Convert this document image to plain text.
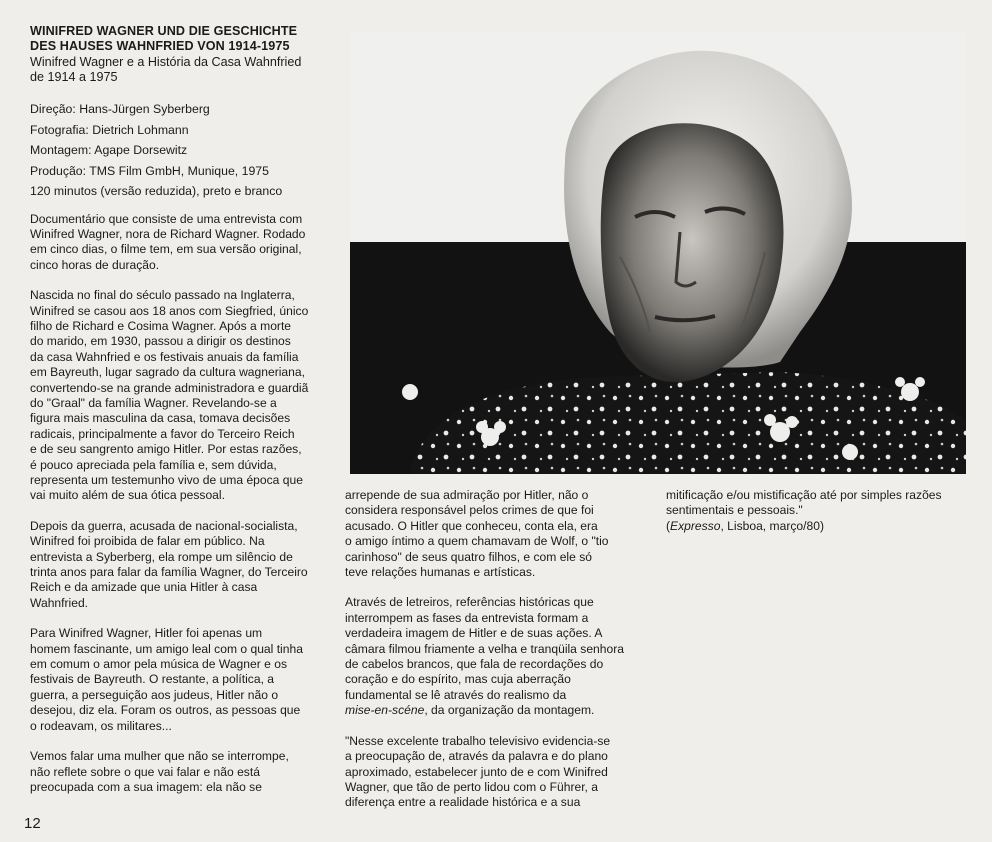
WINIFRED WAGNER UND DIE GESCHICHTE
DES HAUSES WAHNFRIED VON 1914-1975
Winifred Wagner e a História da Casa Wahnfried
de 1914 a 1975
Direção: Hans-Jürgen Syberberg
Fotografia: Dietrich Lohmann
Montagem: Agape Dorsewitz
Produção: TMS Film GmbH, Munique, 1975
120 minutos (versão reduzida), preto e branco

Documentário que consiste de uma entrevista com

Winifred Wagner, nora de Richard Wagner. Rodado

em cinco dias, o filme tem, em sua versão original,

cinco horas de duração.

Nascida no final do século passado na Inglaterra,

Winifred se casou aos 18 anos com Siegfried, único

filho de Richard e Cosima Wagner. Após a morte

do marido, em 1930, passou a dirigir os destinos

da casa Wahnfried e os festivais anuais da família

em Bayreuth, lugar sagrado da cultura wagneriana,

convertendo-se na grande administradora e guardiã

do "Graal" da família Wagner. Revelando-se a

figura mais masculina da casa, tomava decisões

radicais, principalmente a favor do Terceiro Reich

e de seu sangrento amigo Hitler. Por estas razões,

é pouco apreciada pela família e, sem dúvida,

representa um testemunho vivo de uma época que

vai muito além de sua ótica pessoal.

Depois da guerra, acusada de nacional-socialista,

Winifred foi proibida de falar em público. Na

entrevista a Syberberg, ela rompe um silêncio de

trinta anos para falar da família Wagner, do Terceiro

Reich e da amizade que unia Hitler à casa

Wahnfried.

Para Winifred Wagner, Hitler foi apenas um

homem fascinante, um amigo leal com o qual tinha

em comum o amor pela música de Wagner e os

festivais de Bayreuth. O restante, a política, a

guerra, a perseguição aos judeus, Hitler não o

desejou, diz ela. Foram os outros, as pessoas que

o rodeavam, os militares...

Vemos falar uma mulher que não se interrompe,

não reflete sobre o que vai falar e não está

preocupada com a sua imagem: ela não se

arrepende de sua admiração por Hitler, não o

considera responsável pelos crimes de que foi

acusado. O Hitler que conheceu, conta ela, era

o amigo íntimo a quem chamavam de Wolf, o "tio

carinhoso" de seus quatro filhos, e com ele só

teve relações humanas e artísticas.

Através de letreiros, referências históricas que

interrompem as fases da entrevista formam a

verdadeira imagem de Hitler e de suas ações. A

câmara filmou friamente a velha e tranqüila senhora

de cabelos brancos, que fala de recordações do

coração e do espírito, mas cuja aberração

fundamental se lê através do realismo da

mise-en-scéne, da organização da montagem.

"Nesse excelente trabalho televisivo evidencia-se

a preocupação de, através da palavra e do plano

aproximado, estabelecer junto de e com Winifred

Wagner, que tão de perto lidou com o Führer, a

diferença entre a realidade histórica e a sua

mitificação e/ou mistificação até por simples razões

sentimentais e pessoais."

(Expresso, Lisboa, março/80)

12
